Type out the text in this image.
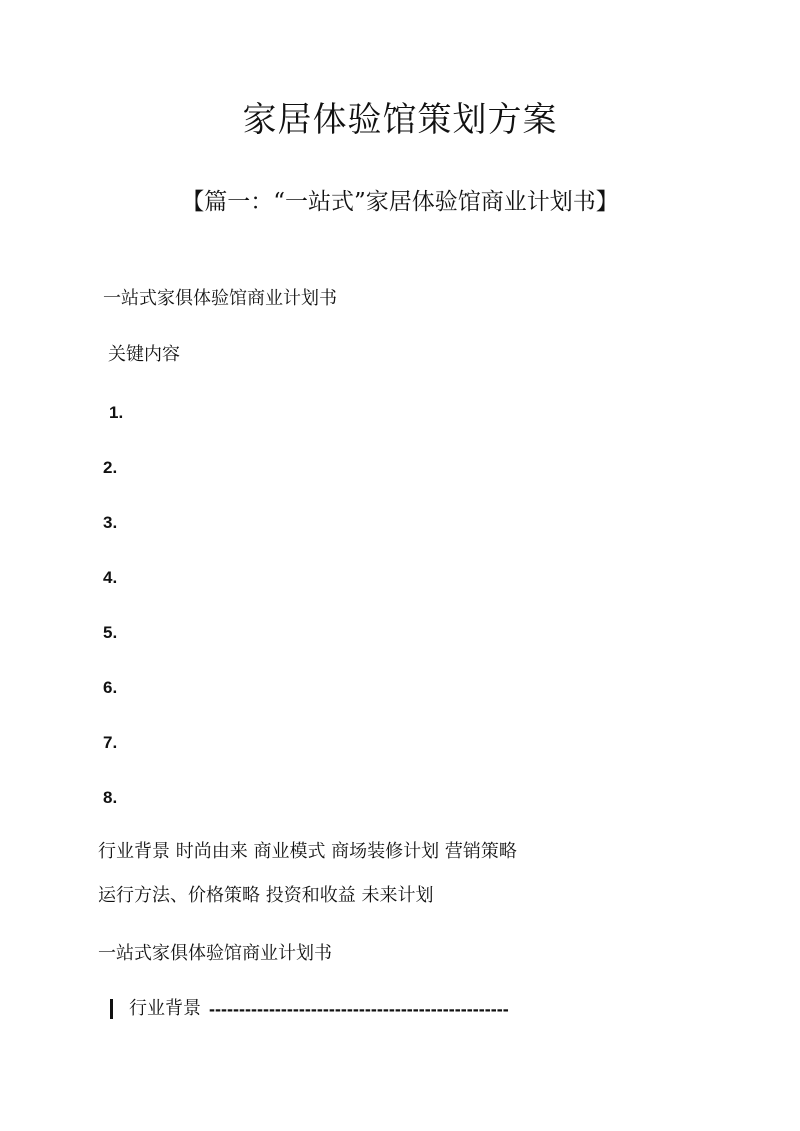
家居体验馆策划方案
【篇一：“一站式”家居体验馆商业计划书】
一站式家俱体验馆商业计划书
关键内容
1.
2.
3.
4.
5.
6.
7.
8.
行业背景 时尚由来 商业模式 商场装修计划 营销策略
运行方法、价格策略 投资和收益 未来计划
一站式家俱体验馆商业计划书
行业背景 --------------------------------------------------
